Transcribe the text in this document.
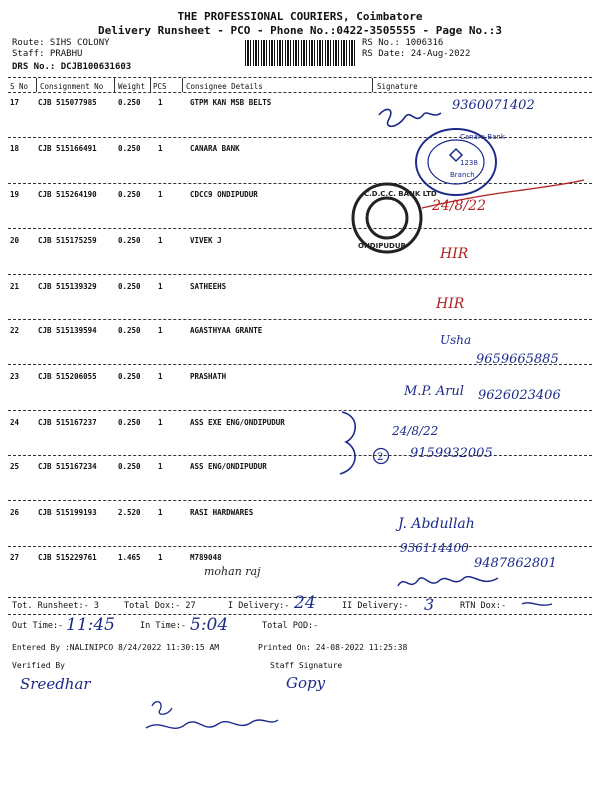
THE PROFESSIONAL COURIERS, Coimbatore
Delivery Runsheet - PCO - Phone No.:0422-3505555 - Page No.:3
Route: SIHS COLONY
Staff: PRABHU
DRS No.: DCJB100631603
RS No.: 1006316
RS Date: 24-Aug-2022
S No Consignment No Weight PCS	Consignee Details	Signature
17	CJB 515077985	0.250 1	GTPM KAN MSB BELTS
18	CJB 515166491	0.250 1	CANARA BANK
19	CJB 515264190	0.250 1	CDCC9 ONDIPUDUR
20	CJB 515175259	0.250 1	VIVEK J
21	CJB 515139329	0.250 1	SATHEEHS
22	CJB 515139594	0.250 1	AGASTHYAA GRANTE
23	CJB 515206055	0.250 1	PRASHATH
24	CJB 515167237	0.250 1	ASS EXE ENG/ONDIPUDUR
25	CJB 515167234	0.250 1	ASS ENG/ONDIPUDUR
26	CJB 515199193	2.520 1	RASI HARDWARES
27	CJB 515229761	1.465 1	M789048
mohan raj
Canara Bank
1238
Branch
C.D.C.C. BANK LTD
ONDIPUDUR
9360071402
24/8/22
HIR
HIR
Usha
9659665885
M.P. Arul 9626023406
2
24/8/22
9159932005
J. Abdullah
936114400
9487862801
Tot. Runsheet:- 3	Total Dox:- 27	I Delivery:- 24	II Delivery:- 3	RTN Dox:-
Out Time:- 11:45	In Time:- 5:04	Total POD:-
Entered By :NALINIPCO 8/24/2022 11:30:15 AM	Printed On: 24-08-2022 11:25:38
Verified By	Staff Signature
Sreedhar	Gopy
